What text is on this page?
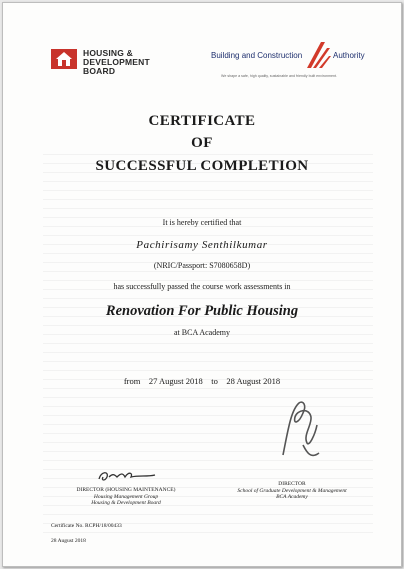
HOUSING &
DEVELOPMENT
BOARD
Building and Construction	Authority
We shape a safe, high quality, sustainable and friendly built environment.
CERTIFICATE
OF
SUCCESSFUL COMPLETION
It is hereby certified that
Pachirisamy Senthilkumar
(NRIC/Passport: S7080658D)
has successfully passed the course work assessments in
Renovation For Public Housing
at BCA Academy
from 27 August 2018 to 28 August 2018
DIRECTOR (HOUSING MAINTENANCE)
Housing Management Group
Housing & Development Board
DIRECTOR
School of Graduate Development & Management
BCA Academy
Certificate No. RCPH/18/00433
28 August 2018
